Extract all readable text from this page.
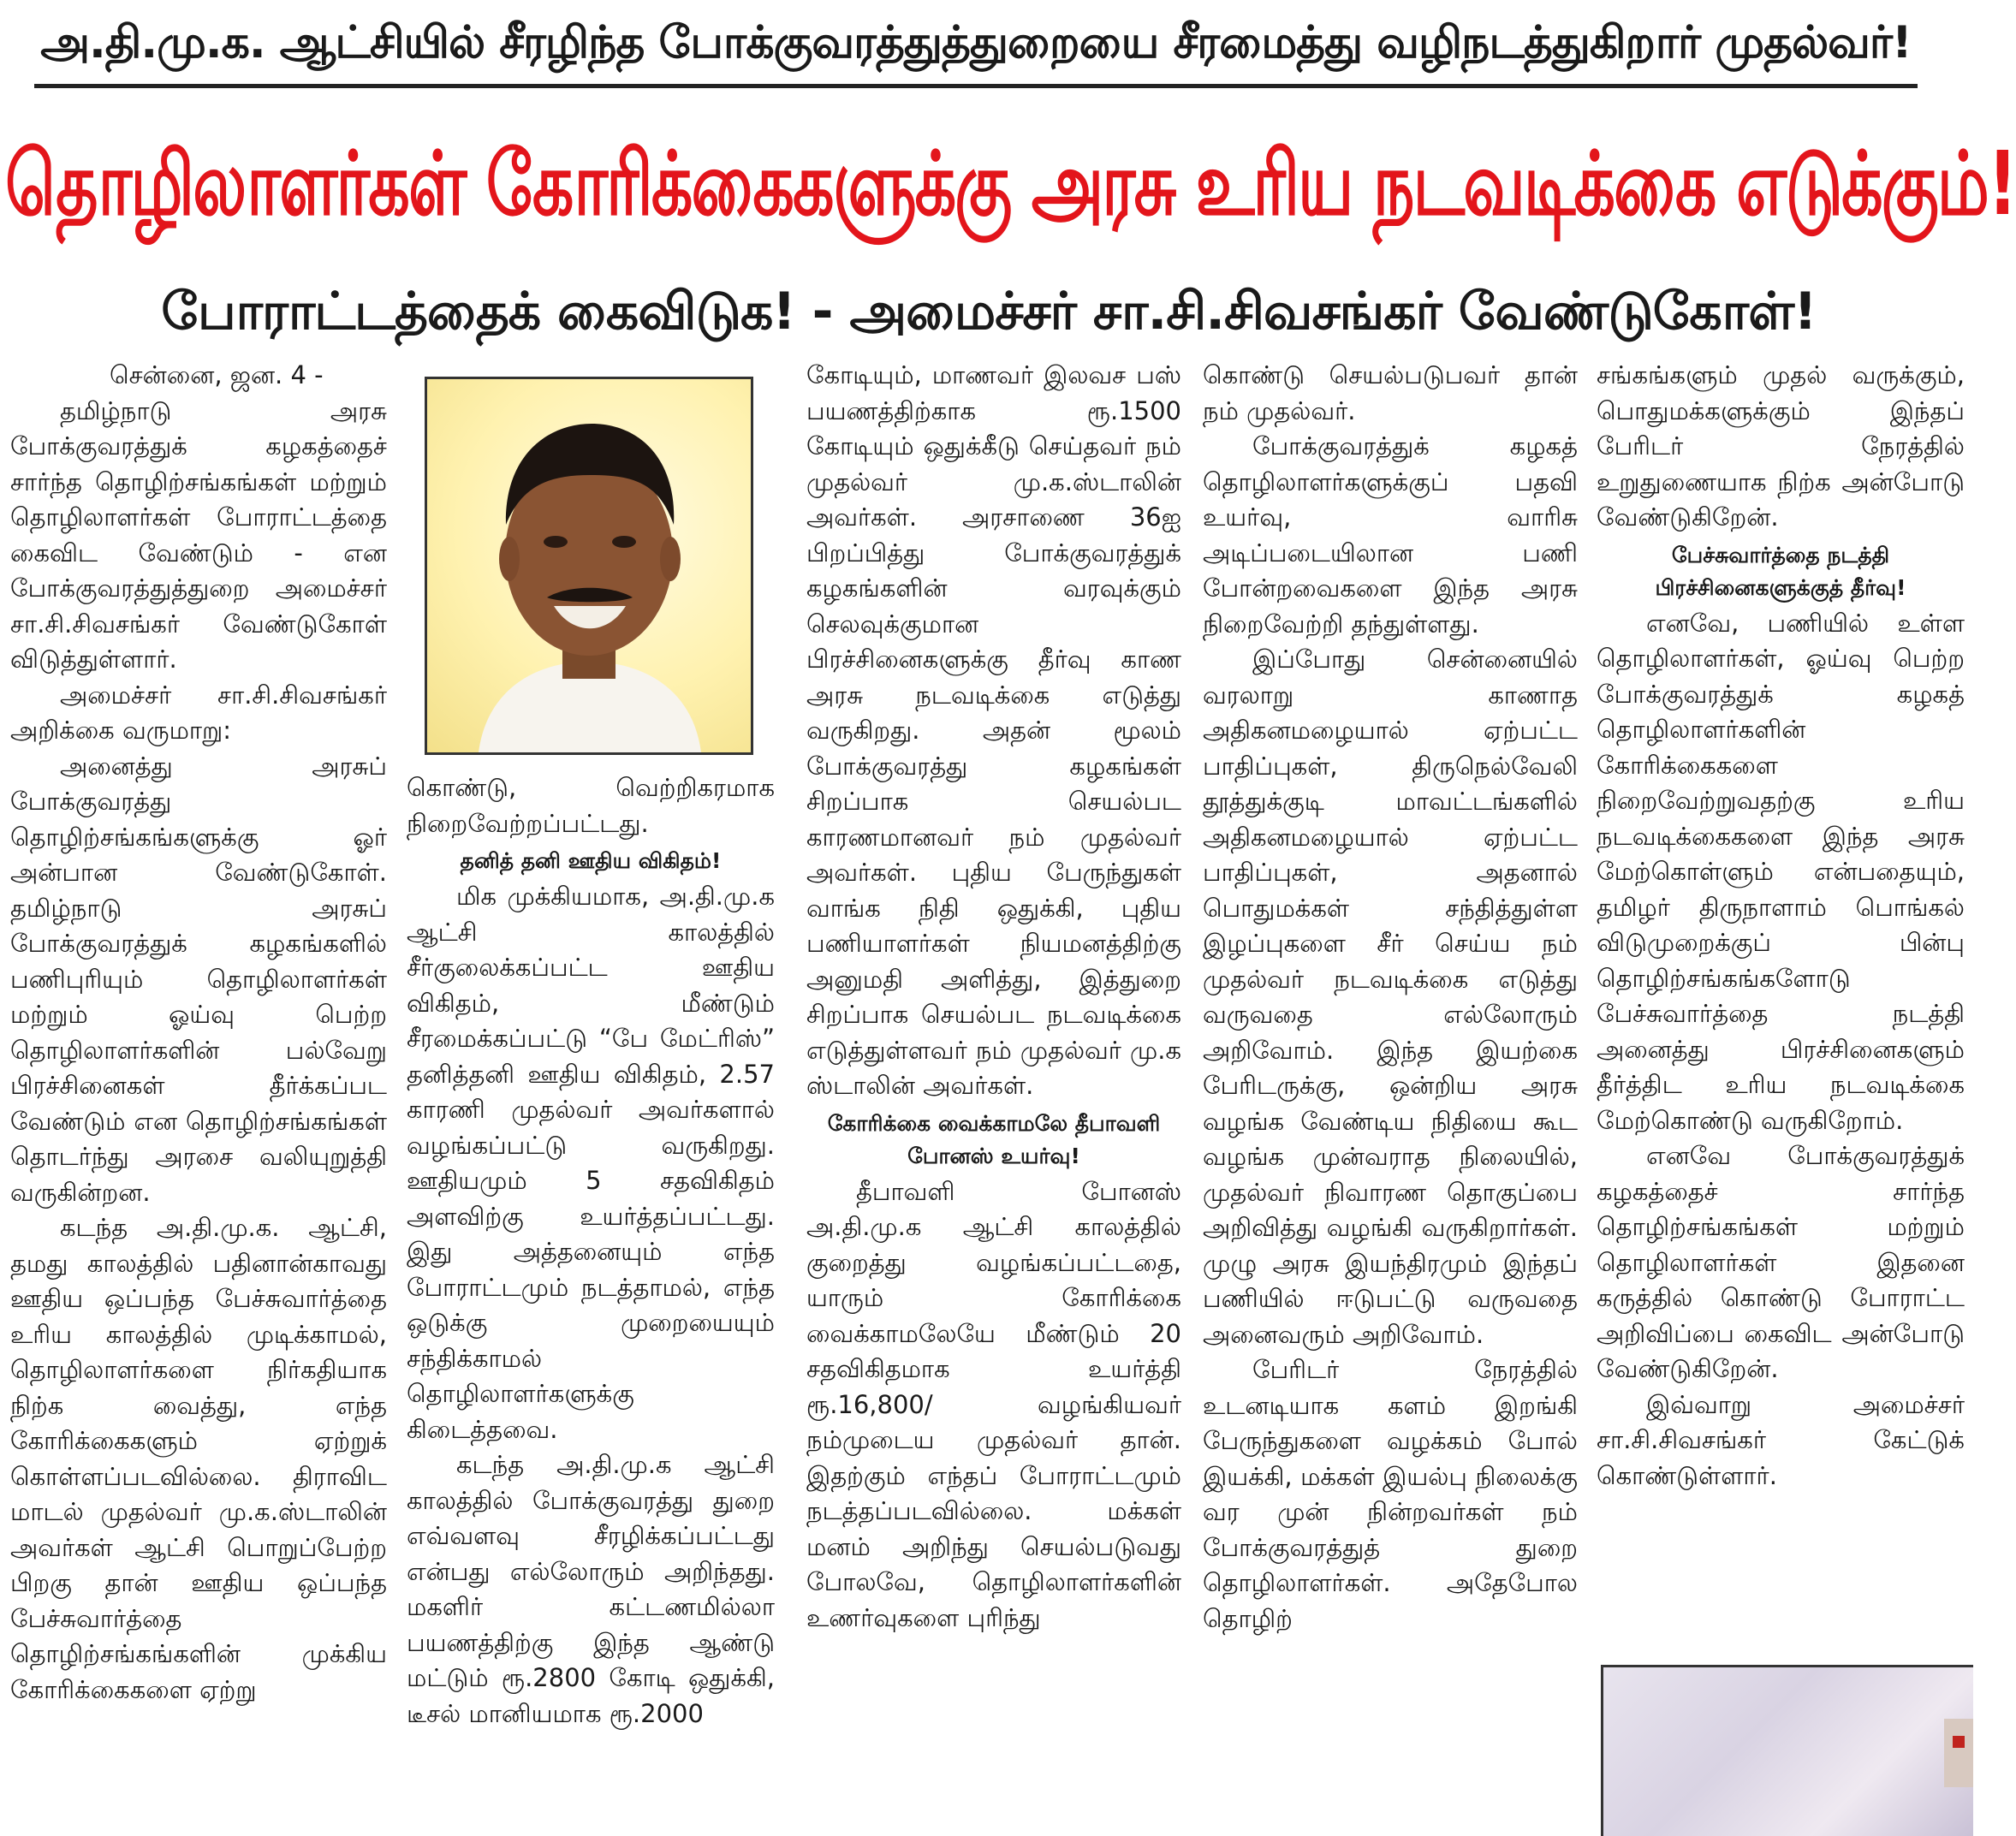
அ.தி.மு.க. ஆட்சியில் சீரழிந்த போக்குவரத்துத்துறையை சீரமைத்து வழிநடத்துகிறார் முதல்வர்!
தொழிலாளர்கள் கோரிக்கைகளுக்கு அரசு உரிய நடவடிக்கை எடுக்கும்!
போராட்டத்தைக் கைவிடுக! - அமைச்சர் சா.சி.சிவசங்கர் வேண்டுகோள்!

சென்னை, ஜன. 4 -

தமிழ்நாடு அரசு போக்குவரத்துக் கழகத்தைச் சார்ந்த தொழிற்சங்கங்கள் மற்றும் தொழிலாளர்கள் போராட்டத்தை கைவிட வேண்டும் - என போக்குவரத்துத்துறை அமைச்சர் சா.சி.சிவசங்கர் வேண்டுகோள் விடுத்துள்ளார்.

அமைச்சர் சா.சி.சிவசங்கர் அறிக்கை வருமாறு:

அனைத்து அரசுப் போக்குவரத்து தொழிற்சங்கங்களுக்கு ஓர் அன்பான வேண்டுகோள். தமிழ்நாடு அரசுப் போக்குவரத்துக் கழகங்களில் பணிபுரியும் தொழிலாளர்கள் மற்றும் ஓய்வு பெற்ற தொழிலாளர்களின் பல்வேறு பிரச்சினைகள் தீர்க்கப்பட வேண்டும் என தொழிற்சங்கங்கள் தொடர்ந்து அரசை வலியுறுத்தி வருகின்றன.

கடந்த அ.தி.மு.க. ஆட்சி, தமது காலத்தில் பதினான்காவது ஊதிய ஒப்பந்த பேச்சுவார்த்தை உரிய காலத்தில் முடிக்காமல், தொழிலாளர்களை நிர்கதியாக நிற்க வைத்து, எந்த கோரிக்கைகளும் ஏற்றுக் கொள்ளப்படவில்லை. திராவிட மாடல் முதல்வர் மு.க.ஸ்டாலின் அவர்கள் ஆட்சி பொறுப்பேற்ற பிறகு தான் ஊதிய ஒப்பந்த பேச்சுவார்த்தை தொழிற்சங்கங்களின் முக்கிய கோரிக்கைகளை ஏற்று

கொண்டு, வெற்றிகரமாக நிறைவேற்றப்பட்டது.

தனித் தனி ஊதிய விகிதம்!

மிக முக்கியமாக, அ.தி.மு.க ஆட்சி காலத்தில் சீர்குலைக்கப்பட்ட ஊதிய விகிதம், மீண்டும் சீரமைக்கப்பட்டு “பே மேட்ரிஸ்” தனித்தனி ஊதிய விகிதம், 2.57 காரணி முதல்வர் அவர்களால் வழங்கப்பட்டு வருகிறது. ஊதியமும் 5 சதவிகிதம் அளவிற்கு உயர்த்தப்பட்டது. இது அத்தனையும் எந்த போராட்டமும் நடத்தாமல், எந்த ஒடுக்கு முறையையும் சந்திக்காமல் தொழிலாளர்களுக்கு கிடைத்தவை.

கடந்த அ.தி.மு.க ஆட்சி காலத்தில் போக்குவரத்து துறை எவ்வளவு சீரழிக்கப்பட்டது என்பது எல்லோரும் அறிந்தது. மகளிர் கட்டணமில்லா பயணத்திற்கு இந்த ஆண்டு மட்டும் ரூ.2800 கோடி ஒதுக்கி, டீசல் மானியமாக ரூ.2000

கோடியும், மாணவர் இலவச பஸ் பயணத்திற்காக ரூ.1500 கோடியும் ஒதுக்கீடு செய்தவர் நம் முதல்வர் மு.க.ஸ்டாலின் அவர்கள். அரசாணை 36ஐ பிறப்பித்து போக்குவரத்துக் கழகங்களின் வரவுக்கும் செலவுக்குமான பிரச்சினைகளுக்கு தீர்வு காண அரசு நடவடிக்கை எடுத்து வருகிறது. அதன் மூலம் போக்குவரத்து கழகங்கள் சிறப்பாக செயல்பட காரணமானவர் நம் முதல்வர் அவர்கள். புதிய பேருந்துகள் வாங்க நிதி ஒதுக்கி, புதிய பணியாளர்கள் நியமனத்திற்கு அனுமதி அளித்து, இத்துறை சிறப்பாக செயல்பட நடவடிக்கை எடுத்துள்ளவர் நம் முதல்வர் மு.க ஸ்டாலின் அவர்கள்.

கோரிக்கை வைக்காமலே தீபாவளி போனஸ் உயர்வு!

தீபாவளி போனஸ் அ.தி.மு.க ஆட்சி காலத்தில் குறைத்து வழங்கப்பட்டதை, யாரும் கோரிக்கை வைக்காமலேயே மீண்டும் 20 சதவிகிதமாக உயர்த்தி ரூ.16,800/ வழங்கியவர் நம்முடைய முதல்வர் தான். இதற்கும் எந்தப் போராட்டமும் நடத்தப்படவில்லை. மக்கள் மனம் அறிந்து செயல்படுவது போலவே, தொழிலாளர்களின் உணர்வுகளை புரிந்து

கொண்டு செயல்படுபவர் தான் நம் முதல்வர்.

போக்குவரத்துக் கழகத் தொழிலாளர்களுக்குப் பதவி உயர்வு, வாரிசு அடிப்படையிலான பணி போன்றவைகளை இந்த அரசு நிறைவேற்றி தந்துள்ளது.

இப்போது சென்னையில் வரலாறு காணாத அதிகனமழையால் ஏற்பட்ட பாதிப்புகள், திருநெல்வேலி தூத்துக்குடி மாவட்டங்களில் அதிகனமழையால் ஏற்பட்ட பாதிப்புகள், அதனால் பொதுமக்கள் சந்தித்துள்ள இழப்புகளை சீர் செய்ய நம் முதல்வர் நடவடிக்கை எடுத்து வருவதை எல்லோரும் அறிவோம். இந்த இயற்கை பேரிடருக்கு, ஒன்றிய அரசு வழங்க வேண்டிய நிதியை கூட வழங்க முன்வராத நிலையில், முதல்வர் நிவாரண தொகுப்பை அறிவித்து வழங்கி வருகிறார்கள். முழு அரசு இயந்திரமும் இந்தப் பணியில் ஈடுபட்டு வருவதை அனைவரும் அறிவோம்.

பேரிடர் நேரத்தில் உடனடியாக களம் இறங்கி பேருந்துகளை வழக்கம் போல் இயக்கி, மக்கள் இயல்பு நிலைக்கு வர முன் நின்றவர்கள் நம் போக்குவரத்துத் துறை தொழிலாளர்கள். அதேபோல தொழிற்

சங்கங்களும் முதல் வருக்கும், பொதுமக்களுக்கும் இந்தப் பேரிடர் நேரத்தில் உறுதுணையாக நிற்க அன்போடு வேண்டுகிறேன்.

பேச்சுவார்த்தை நடத்தி பிரச்சினைகளுக்குத் தீர்வு!

எனவே, பணியில் உள்ள தொழிலாளர்கள், ஓய்வு பெற்ற போக்குவரத்துக் கழகத் தொழிலாளர்களின் கோரிக்கைகளை நிறைவேற்றுவதற்கு உரிய நடவடிக்கைகளை இந்த அரசு மேற்கொள்ளும் என்பதையும், தமிழர் திருநாளாம் பொங்கல் விடுமுறைக்குப் பின்பு தொழிற்சங்கங்களோடு பேச்சுவார்த்தை நடத்தி அனைத்து பிரச்சினைகளும் தீர்த்திட உரிய நடவடிக்கை மேற்கொண்டு வருகிறோம்.

எனவே போக்குவரத்துக் கழகத்தைச் சார்ந்த தொழிற்சங்கங்கள் மற்றும் தொழிலாளர்கள் இதனை கருத்தில் கொண்டு போராட்ட அறிவிப்பை கைவிட அன்போடு வேண்டுகிறேன்.

இவ்வாறு அமைச்சர் சா.சி.சிவசங்கர் கேட்டுக் கொண்டுள்ளார்.
